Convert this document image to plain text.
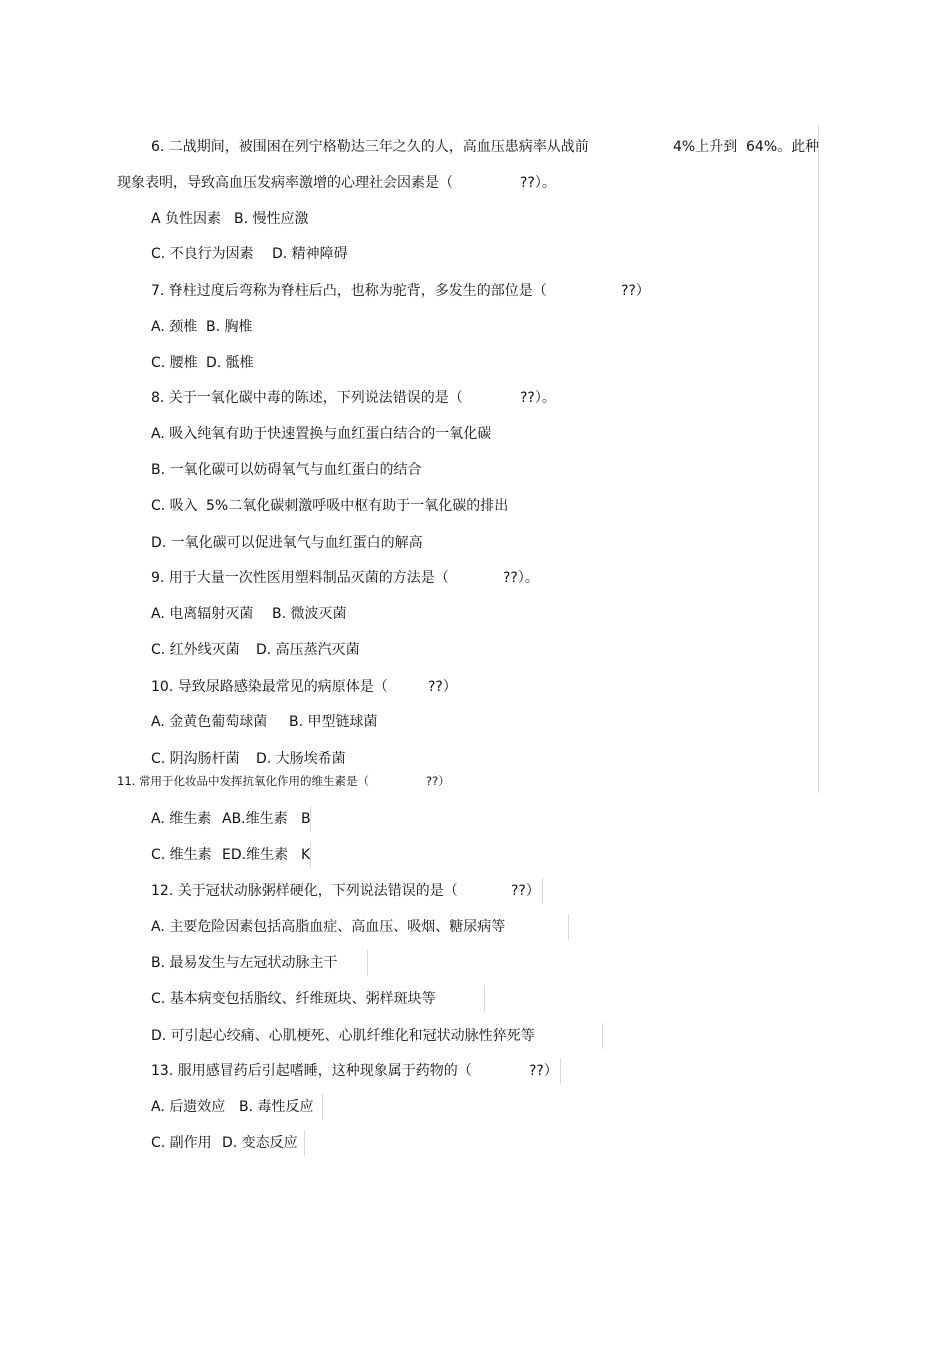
6. 二战期间，被围困在列宁格勒达三年之久的人，高血压患病率从战前	4%上升到 64%。此种
现象表明，导致高血压发病率激增的心理社会因素是（	??）。
A 负性因素 B. 慢性应激
C. 不良行为因素 D. 精神障碍
7. 脊柱过度后弯称为脊柱后凸，也称为驼背，多发生的部位是（	??）
A. 颈椎 B. 胸椎
C. 腰椎 D. 骶椎
8. 关于一氧化碳中毒的陈述，下列说法错误的是（	??）。
A. 吸入纯氧有助于快速置换与血红蛋白结合的一氧化碳
B. 一氧化碳可以妨碍氧气与血红蛋白的结合
C. 吸入 5%二氧化碳刺激呼吸中枢有助于一氧化碳的排出
D. 一氧化碳可以促进氧气与血红蛋白的解高
9. 用于大量一次性医用塑料制品灭菌的方法是（	??）。
A. 电离辐射灭菌 B. 微波灭菌
C. 红外线灭菌 D. 高压蒸汽灭菌
10. 导致尿路感染最常见的病原体是（	??）
A. 金黄色葡萄球菌 B. 甲型链球菌
C. 阴沟肠杆菌 D. 大肠埃希菌
11. 常用于化妆品中发挥抗氧化作用的维生素是（	??）
A. 维生素 AB.维生素 B
C. 维生素 ED.维生素 K
12. 关于冠状动脉粥样硬化，下列说法错误的是（	??）
A. 主要危险因素包括高脂血症、高血压、吸烟、糖尿病等
B. 最易发生与左冠状动脉主干
C. 基本病变包括脂纹、纤维斑块、粥样斑块等
D. 可引起心绞痛、心肌梗死、心肌纤维化和冠状动脉性猝死等
13. 服用感冒药后引起嗜睡，这种现象属于药物的（	??）
A. 后遗效应 B. 毒性反应
C. 副作用 D. 变态反应
